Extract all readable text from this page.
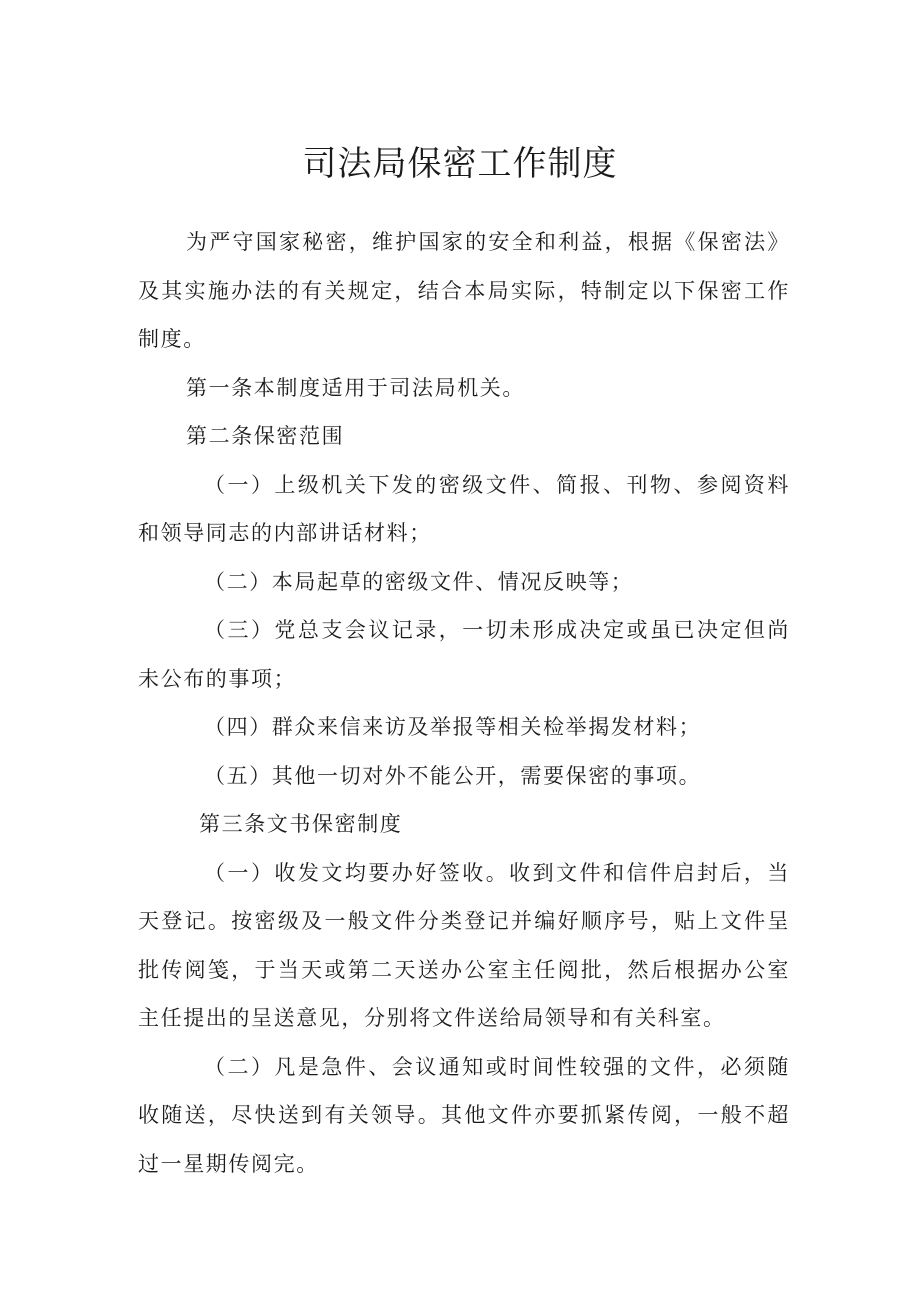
司法局保密工作制度

为严守国家秘密，维护国家的安全和利益，根据《保密法》及其实施办法的有关规定，结合本局实际，特制定以下保密工作制度。

第一条本制度适用于司法局机关。

第二条保密范围

（一）上级机关下发的密级文件、简报、刊物、参阅资料和领导同志的内部讲话材料；

（二）本局起草的密级文件、情况反映等；

（三）党总支会议记录，一切未形成决定或虽已决定但尚未公布的事项；

（四）群众来信来访及举报等相关检举揭发材料；

（五）其他一切对外不能公开，需要保密的事项。

第三条文书保密制度

（一）收发文均要办好签收。收到文件和信件启封后，当天登记。按密级及一般文件分类登记并编好顺序号，贴上文件呈批传阅笺，于当天或第二天送办公室主任阅批，然后根据办公室主任提出的呈送意见，分别将文件送给局领导和有关科室。

（二）凡是急件、会议通知或时间性较强的文件，必须随收随送，尽快送到有关领导。其他文件亦要抓紧传阅，一般不超过一星期传阅完。
